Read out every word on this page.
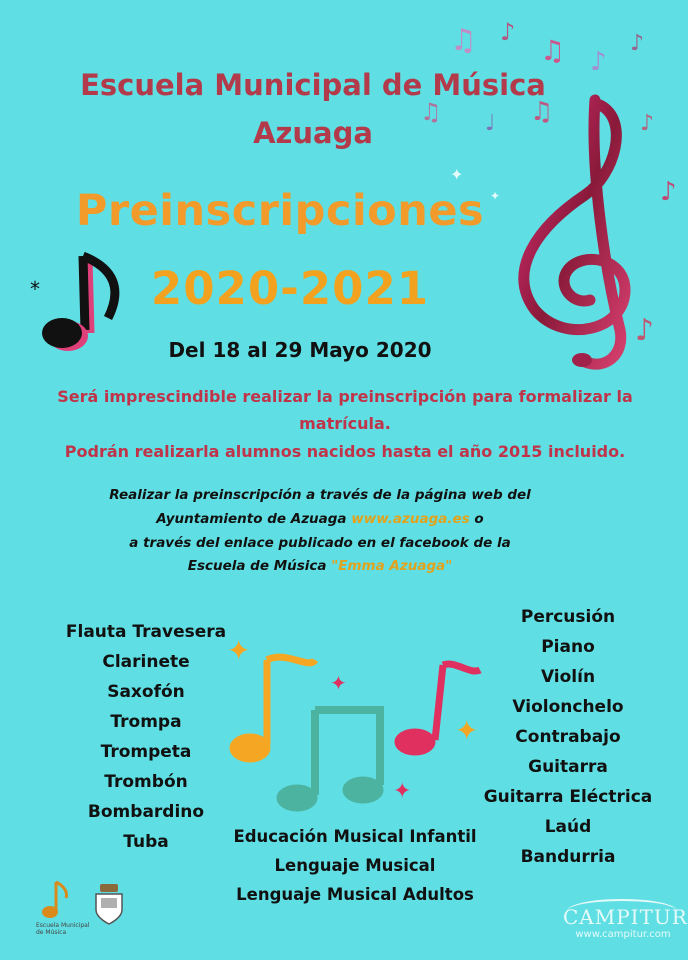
♫ ♪
♫ ♪
♪
♫ ♩ ♫	♪
♪
✦
✦
♪
*
✦
✦
✦
✦
Escuela Municipal de Música
Azuaga
Preinscripciones
2020-2021
Del 18 al 29 Mayo 2020
Será imprescindible realizar la preinscripción para formalizar la
matrícula.
Podrán realizarla alumnos nacidos hasta el año 2015 incluido.
Realizar la preinscripción a través de la página web del
Ayuntamiento de Azuaga www.azuaga.es o
a través del enlace publicado en el facebook de la
Escuela de Música "Emma Azuaga"
Flauta Travesera
Clarinete
Saxofón
Trompa
Trompeta
Trombón
Bombardino
Tuba
Percusión
Piano
Violín
Violonchelo
Contrabajo
Guitarra
Guitarra Eléctrica
Laúd
Bandurria
Educación Musical Infantil
Lenguaje Musical
Lenguaje Musical Adultos
Escuela Municipal de Música
CAMPITUR
www.campitur.com
